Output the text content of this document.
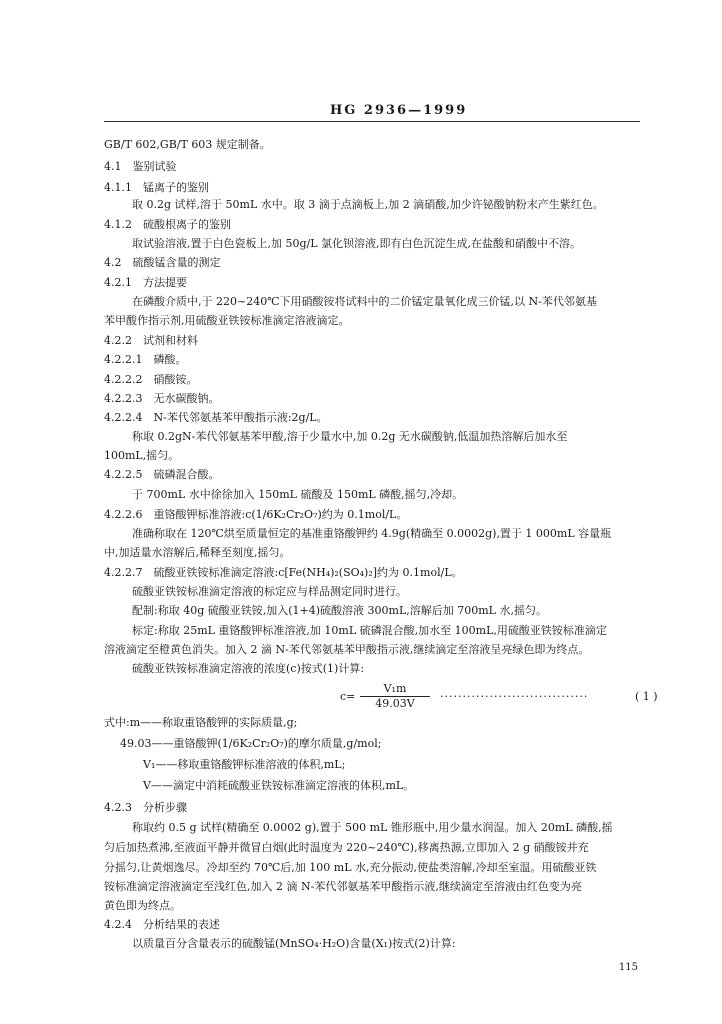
HG 2936—1999
GB/T 602,GB/T 603 规定制备。
4.1　鉴别试验
4.1.1　锰离子的鉴别
取 0.2g 试样,溶于 50mL 水中。取 3 滴于点滴板上,加 2 滴硝酸,加少许铋酸钠粉末产生紫红色。
4.1.2　硫酸根离子的鉴别
取试验溶液,置于白色瓷板上,加 50g/L 氯化钡溶液,即有白色沉淀生成,在盐酸和硝酸中不溶。
4.2　硫酸锰含量的测定
4.2.1　方法提要
在磷酸介质中,于 220~240℃下用硝酸铵将试料中的二价锰定量氧化成三价锰,以 N-苯代邻氨基
苯甲酸作指示剂,用硫酸亚铁铵标准滴定溶液滴定。
4.2.2　试剂和材料
4.2.2.1　磷酸。
4.2.2.2　硝酸铵。
4.2.2.3　无水碳酸钠。
4.2.2.4　N-苯代邻氨基苯甲酸指示液:2g/L。
称取 0.2gN-苯代邻氨基苯甲酸,溶于少量水中,加 0.2g 无水碳酸钠,低温加热溶解后加水至
100mL,摇匀。
4.2.2.5　硫磷混合酸。
于 700mL 水中徐徐加入 150mL 硫酸及 150mL 磷酸,摇匀,冷却。
4.2.2.6　重铬酸钾标准溶液:c(1/6K₂Cr₂O₇)约为 0.1mol/L。
准确称取在 120℃烘至质量恒定的基准重铬酸钾约 4.9g(精确至 0.0002g),置于 1 000mL 容量瓶
中,加适量水溶解后,稀释至刻度,摇匀。
4.2.2.7　硫酸亚铁铵标准滴定溶液:c[Fe(NH₄)₂(SO₄)₂]约为 0.1mol/L。
硫酸亚铁铵标准滴定溶液的标定应与样品测定同时进行。
配制:称取 40g 硫酸亚铁铵,加入(1+4)硫酸溶液 300mL,溶解后加 700mL 水,摇匀。
标定:称取 25mL 重铬酸钾标准溶液,加 10mL 硫磷混合酸,加水至 100mL,用硫酸亚铁铵标准滴定
溶液滴定至橙黄色消失。加入 2 滴 N-苯代邻氨基苯甲酸指示液,继续滴定至溶液呈亮绿色即为终点。
硫酸亚铁铵标准滴定溶液的浓度(c)按式(1)计算:
$c= \frac{\text{V₁m}}{49.03V}$ ·································	( 1 )
式中:m——称取重铬酸钾的实际质量,g;
49.03——重铬酸钾(1/6K₂Cr₂O₇)的摩尔质量,g/mol;
V₁——移取重铬酸钾标准溶液的体积,mL;
V——滴定中消耗硫酸亚铁铵标准滴定溶液的体积,mL。
4.2.3　分析步骤
称取约 0.5 g 试样(精确至 0.0002 g),置于 500 mL 锥形瓶中,用少量水润湿。加入 20mL 磷酸,摇
匀后加热煮沸,至液面平静并微冒白烟(此时温度为 220~240℃),移离热源,立即加入 2 g 硝酸铵并充
分摇匀,让黄烟逸尽。冷却至约 70℃后,加 100 mL 水,充分振动,使盐类溶解,冷却至室温。用硫酸亚铁
铵标准滴定溶液滴定至浅红色,加入 2 滴 N-苯代邻氨基苯甲酸指示液,继续滴定至溶液由红色变为亮
黄色即为终点。
4.2.4　分析结果的表述
以质量百分含量表示的硫酸锰(MnSO₄·H₂O)含量(X₁)按式(2)计算:
115
